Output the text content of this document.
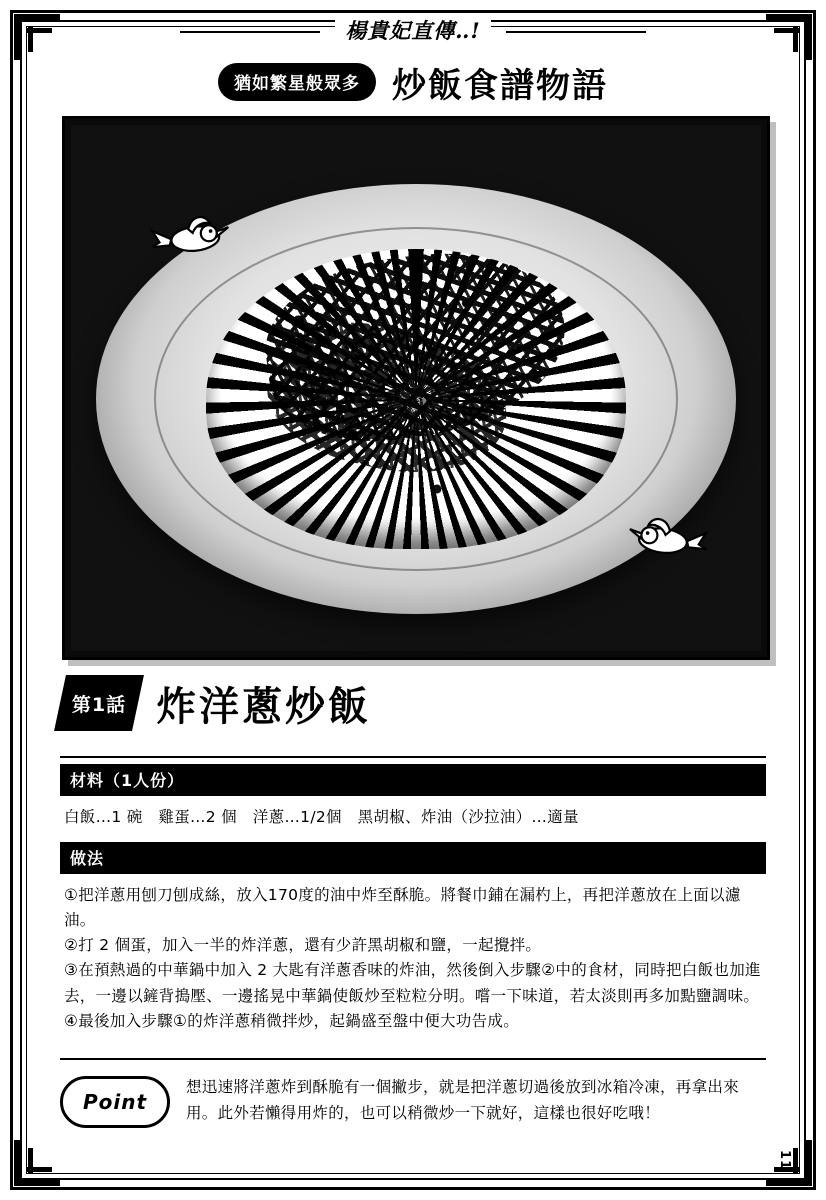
楊貴妃直傳‥!
猶如繁星般眾多 炒飯食譜物語
第1話 炸洋蔥炒飯
材料（1人份）

白飯…1 碗　雞蛋…2 個　洋蔥…1/2個　黑胡椒、炸油（沙拉油）…適量

做法

①把洋蔥用刨刀刨成絲，放入170度的油中炸至酥脆。將餐巾鋪在漏杓上，再把洋蔥放在上面以濾油。

②打 2 個蛋，加入一半的炸洋蔥，還有少許黑胡椒和鹽，一起攪拌。

③在預熱過的中華鍋中加入 2 大匙有洋蔥香味的炸油，然後倒入步驟②中的食材，同時把白飯也加進去，一邊以鏟背搗壓、一邊搖晃中華鍋使飯炒至粒粒分明。嚐一下味道，若太淡則再多加點鹽調味。

④最後加入步驟①的炸洋蔥稍微拌炒，起鍋盛至盤中便大功告成。

Point
想迅速將洋蔥炸到酥脆有一個撇步，就是把洋蔥切過後放到冰箱冷凍，再拿出來用。此外若懶得用炸的，也可以稍微炒一下就好，這樣也很好吃哦！
11
